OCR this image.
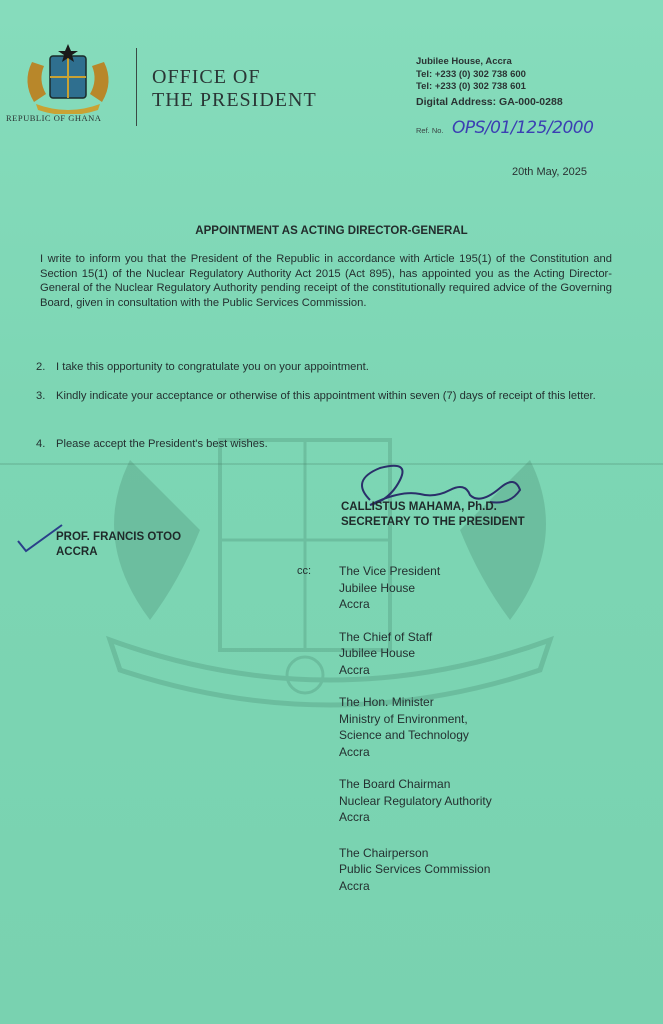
REPUBLIC OF GHANA
OFFICE OF
THE PRESIDENT
Jubilee House, Accra
Tel: +233 (0) 302 738 600
Tel: +233 (0) 302 738 601
Digital Address: GA-000-0288
Ref. No. OPS/01/125/2000
20th May, 2025
APPOINTMENT AS ACTING DIRECTOR-GENERAL
I write to inform you that the President of the Republic in accordance with Article 195(1) of the Constitution and Section 15(1) of the Nuclear Regulatory Authority Act 2015 (Act 895), has appointed you as the Acting Director-General of the Nuclear Regulatory Authority pending receipt of the constitutionally required advice of the Governing Board, given in consultation with the Public Services Commission.
2. I take this opportunity to congratulate you on your appointment.
3. Kindly indicate your acceptance or otherwise of this appointment within seven (7) days of receipt of this letter.
4. Please accept the President's best wishes.
CALLISTUS MAHAMA, Ph.D.
SECRETARY TO THE PRESIDENT
PROF. FRANCIS OTOO
ACCRA
cc: The Vice President
Jubilee House
Accra
The Chief of Staff
Jubilee House
Accra
The Hon. Minister
Ministry of Environment,
Science and Technology
Accra
The Board Chairman
Nuclear Regulatory Authority
Accra
The Chairperson
Public Services Commission
Accra
